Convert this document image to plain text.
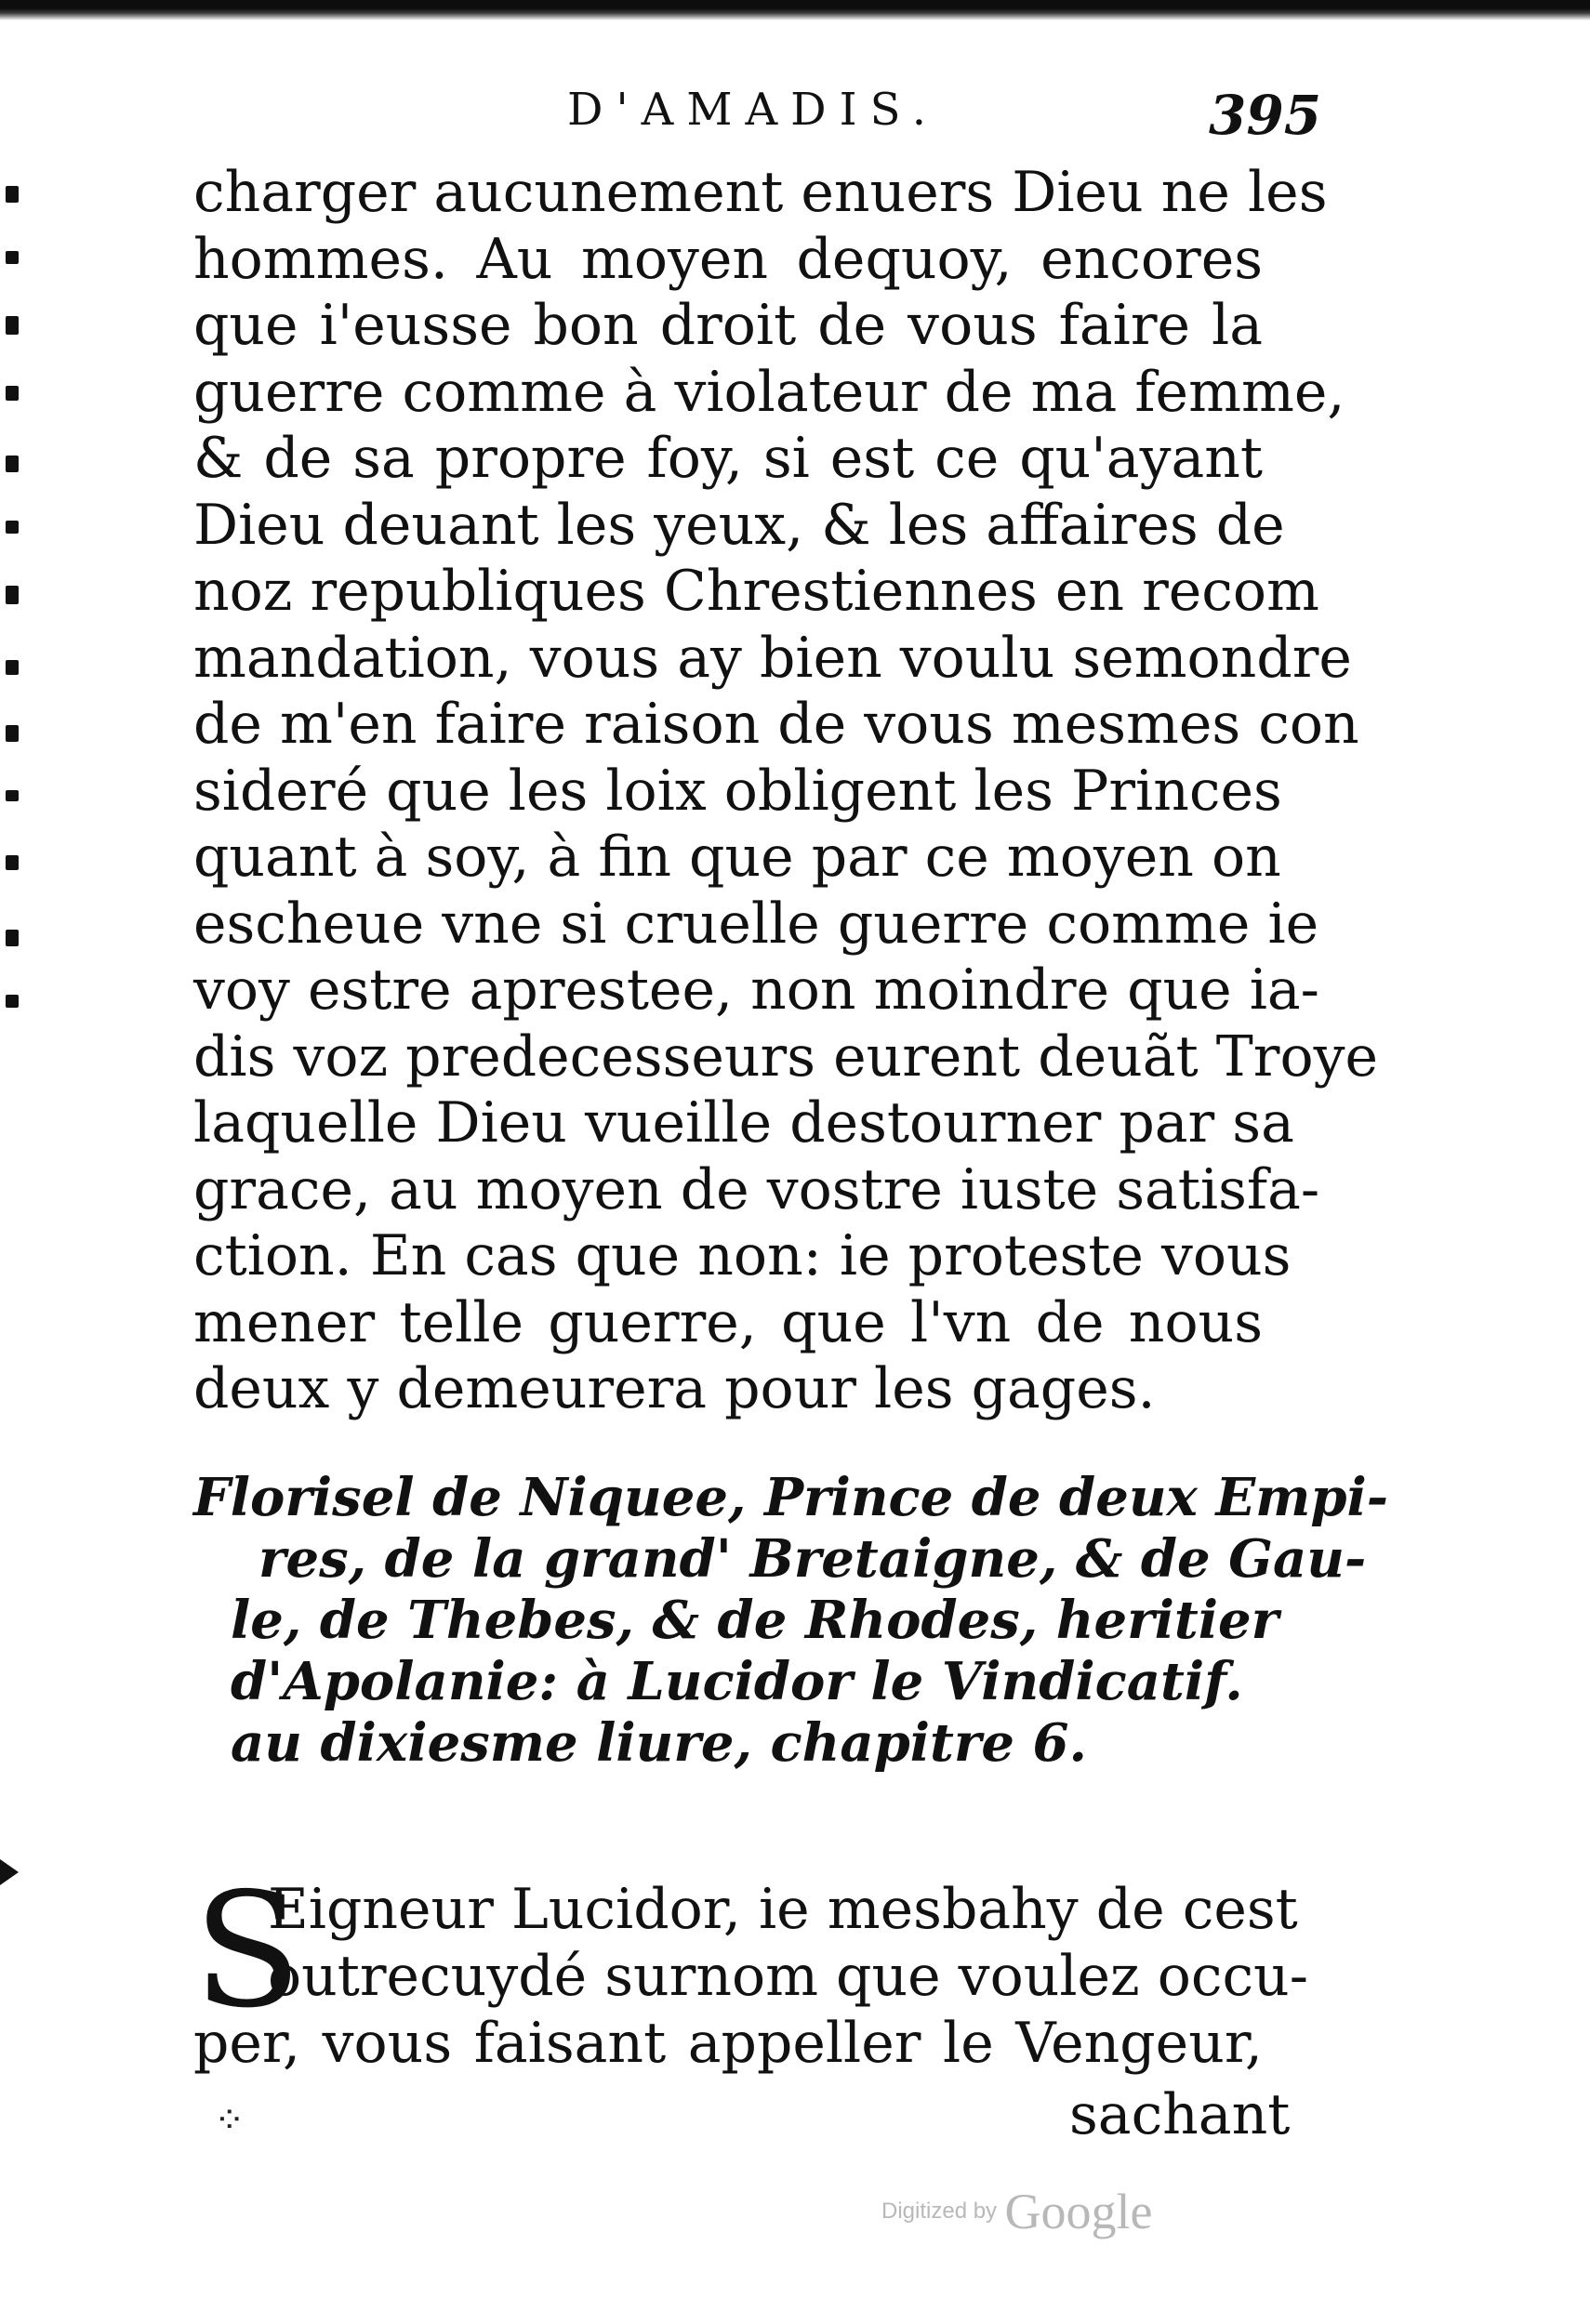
D'AMADIS.	395
charger aucunement enuers Dieu ne les
hommes. Au moyen dequoy, encores
que i'eusse bon droit de vous faire la
guerre comme à violateur de ma femme,
& de sa propre foy, si est ce qu'ayant
Dieu deuant les yeux, & les affaires de
noz republiques Chrestiennes en recom
mandation, vous ay bien voulu semondre
de m'en faire raison de vous mesmes con
sideré que les loix obligent les Princes
quant à soy, à fin que par ce moyen on
escheue vne si cruelle guerre comme ie
voy estre aprestee, non moindre que ia-
dis voz predecesseurs eurent deuãt Troye
laquelle Dieu vueille destourner par sa
grace, au moyen de vostre iuste satisfa-
ction. En cas que non: ie proteste vous
mener telle guerre, que l'vn de nous
deux y demeurera pour les gages.
Florisel de Niquee, Prince de deux Empi-
res, de la grand' Bretaigne, & de Gau-
le, de Thebes, & de Rhodes, heritier
d'Apolanie: à Lucidor le Vindicatif.
au dixiesme liure, chapitre 6.
S
Eigneur Lucidor, ie mesbahy de cest
outrecuydé surnom que voulez occu-
per, vous faisant appeller le Vengeur,
⁘	sachant
Digitized by Google
